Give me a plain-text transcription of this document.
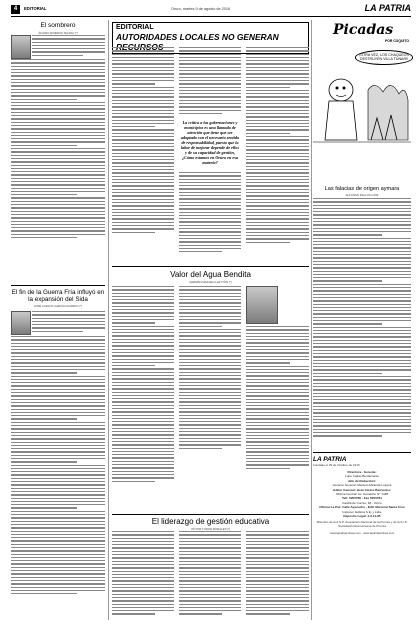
4	EDITORIAL	Oruro, martes 9 de agosto de 2016	LA PATRIA
El sombrero
ÁLVARO RIVEROS TEJADA (*)
El fin de la Guerra Fría influyó en la expansión del Sida
JOSÉ CARLOS GARCÍA FAJARDO (*)
EDITORIAL
AUTORIDADES LOCALES NO GENERAN
La crítica a las gobernaciones y municipios es una llamada de atención que tiene que ser adoptada con el necesario sentido de responsabilidad, puesto que la labor de mejorar depende de ellos y de su capacidad de gestión, ¿Cómo estamos en Oruro en esa materia?
Picadas
POR COQUITO
¡OTRA VEZ, LOS CHAQUEOS DESTRUYEN VILLA TUNARI!
Las falacias de origen aymara
ALFONSO RALLOS GÓIZ
LA PATRIA
Fundado el 29 de Octubre de 1919
Directora - Gerente:
Lupe Cajías Bustamante
Jefe de Redacción:
Gerente General: Marcelo Miranda Loayza
Editor General: Juan Carlos Barrientos
Oficina Central: Av. Camacho N° 1448
Telf. 5250780 - Fax 5250781
Casilla de Correo: 48 - Oruro
Oficina La Paz: Calle Ayacucho - Edif. Mariscal Santa Cruz
Impreso: Editora S.E. y Ltda.
Depósito Legal: 4-3-11-85
Miembro de la A.N.P. Asociación Nacional de la Prensa y de la S.I.P. Sociedad Interamericana de Prensa
www.lapatriaenlinea.com · www.lapatriaenlinea.com
Valor del Agua Bendita
GERMÁN MAZUELO-LEYTÓN (*)
El liderazgo de gestión educativa
VÍCTOR TUDOR MORALES (*)
